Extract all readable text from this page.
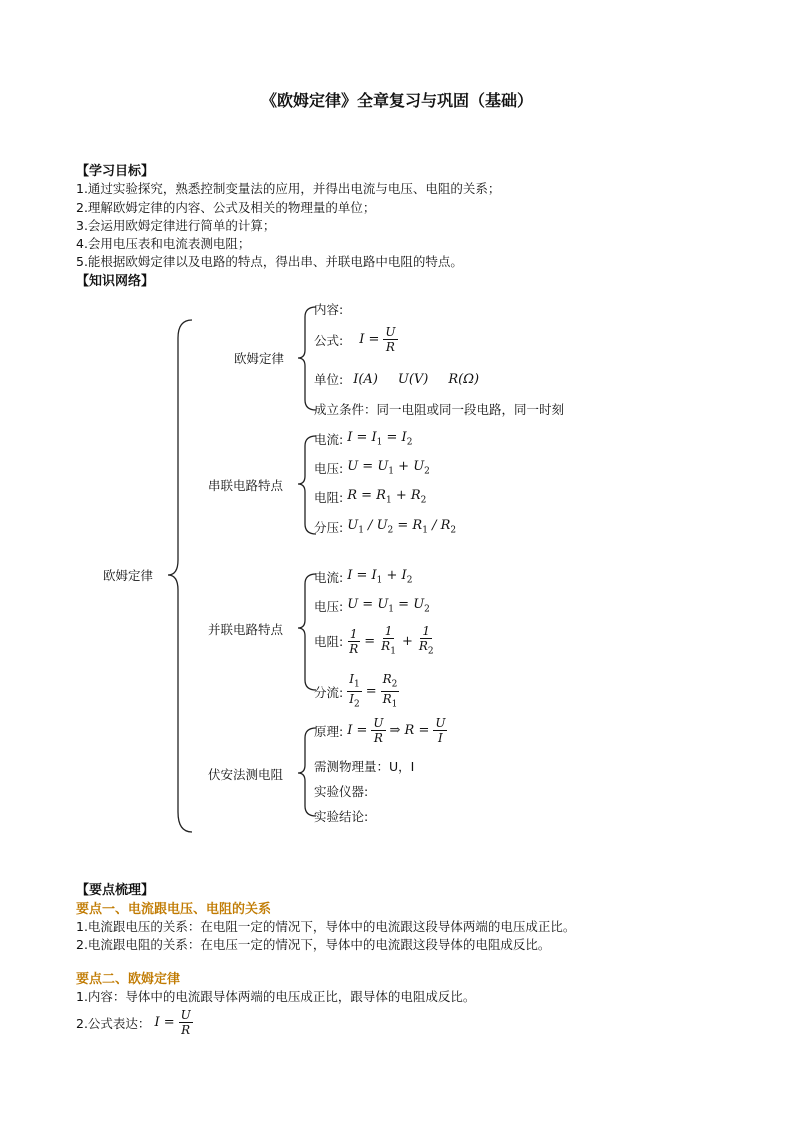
《欧姆定律》全章复习与巩固（基础）
【学习目标】
1.通过实验探究，熟悉控制变量法的应用，并得出电流与电压、电阻的关系；
2.理解欧姆定律的内容、公式及相关的物理量的单位；
3.会运用欧姆定律进行简单的计算；
4.会用电压表和电流表测电阻；
5.能根据欧姆定律以及电路的特点，得出串、并联电路中电阻的特点。
【知识网络】
欧姆定律
欧姆定律
内容:
公式: $I = \frac{U}{R}$
单位: I(A) U(V) R(Ω)
成立条件：同一电阻或同一段电路，同一时刻
串联电路特点
电流: $I = I_1 = I_2$
电压: $U = U_1 + U_2$
电阻: $R = R_1 + R_2$
分压: $U_1 / U_2 = R_1 / R_2$
并联电路特点
电流: $I = I_1 + I_2$
电压: $U = U_1 = U_2$
电阻: $\frac{1}{R} = \frac{1}{R_1} + \frac{1}{R_2}$
分流: $\frac{I_1}{I_2} = \frac{R_2}{R_1}$
伏安法测电阻
原理: $I = \frac{U}{R}$ ⇒ $R = \frac{U}{I}$
需测物理量：U，I
实验仪器:
实验结论:
【要点梳理】
要点一、电流跟电压、电阻的关系
1.电流跟电压的关系：在电阻一定的情况下，导体中的电流跟这段导体两端的电压成正比。
2.电流跟电阻的关系：在电压一定的情况下，导体中的电流跟这段导体的电阻成反比。
要点二、欧姆定律
1.内容：导体中的电流跟导体两端的电压成正比，跟导体的电阻成反比。
2.公式表达： $I = \frac{U}{R}$
